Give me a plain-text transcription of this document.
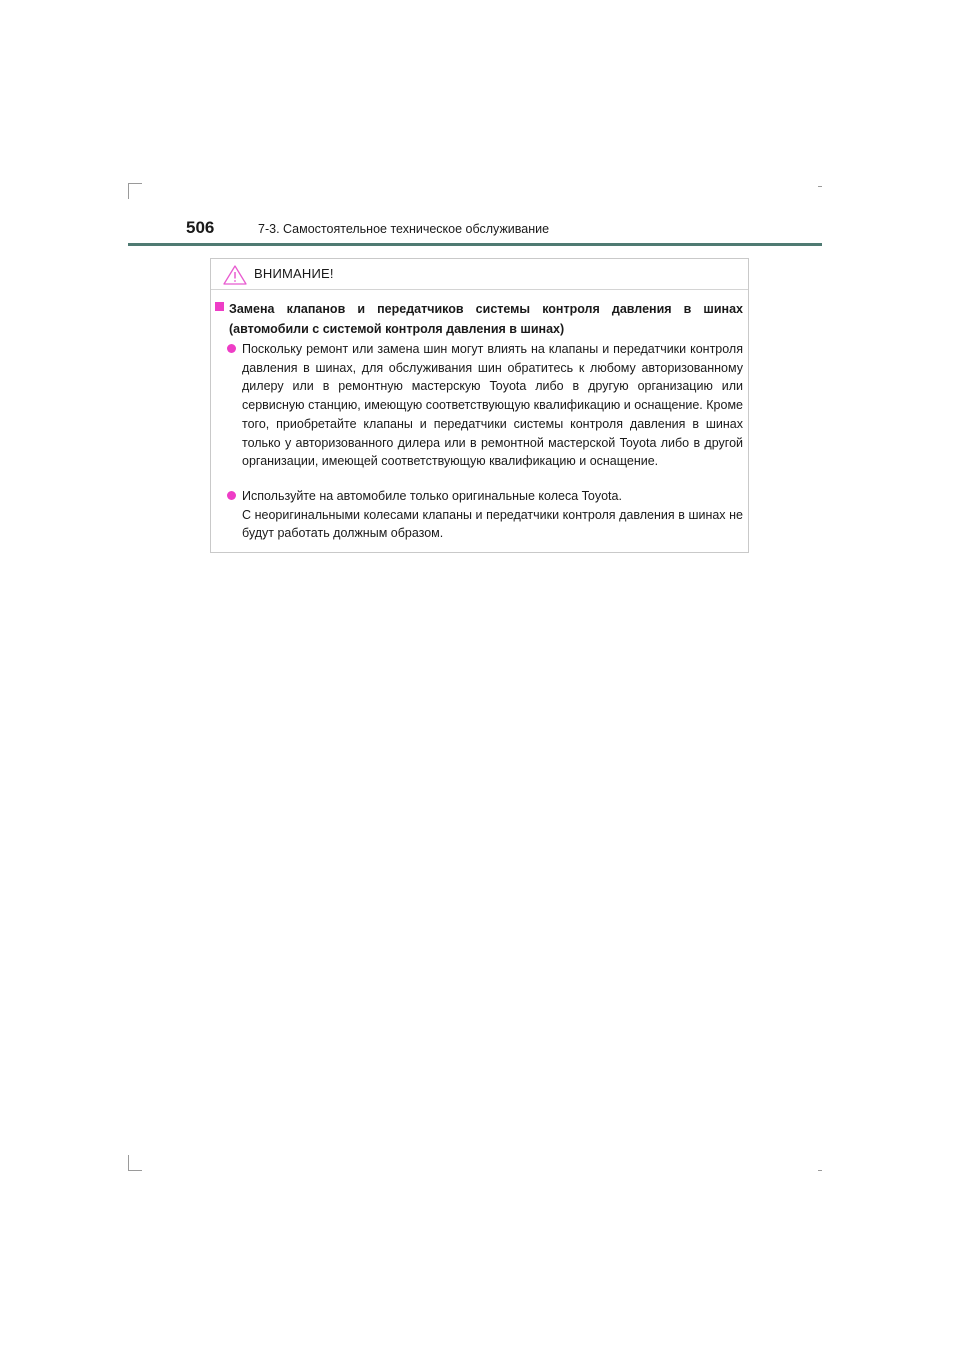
506	7-3. Самостоятельное техническое обслуживание
ВНИМАНИЕ!
Замена клапанов и передатчиков системы контроля давления в шинах (автомобили с системой контроля давления в шинах)
Поскольку ремонт или замена шин могут влиять на клапаны и передатчики контроля давления в шинах, для обслуживания шин обратитесь к любому авторизованному дилеру или в ремонтную мастерскую Toyota либо в другую организацию или сервисную станцию, имеющую соответствующую квалификацию и оснащение. Кроме того, приобретайте клапаны и передатчики системы контроля давления в шинах только у авторизованного дилера или в ремонтной мастерской Toyota либо в другой организации, имеющей соответствующую квалификацию и оснащение.
Используйте на автомобиле только оригинальные колеса Toyota.
С неоригинальными колесами клапаны и передатчики контроля давления в шинах не будут работать должным образом.
